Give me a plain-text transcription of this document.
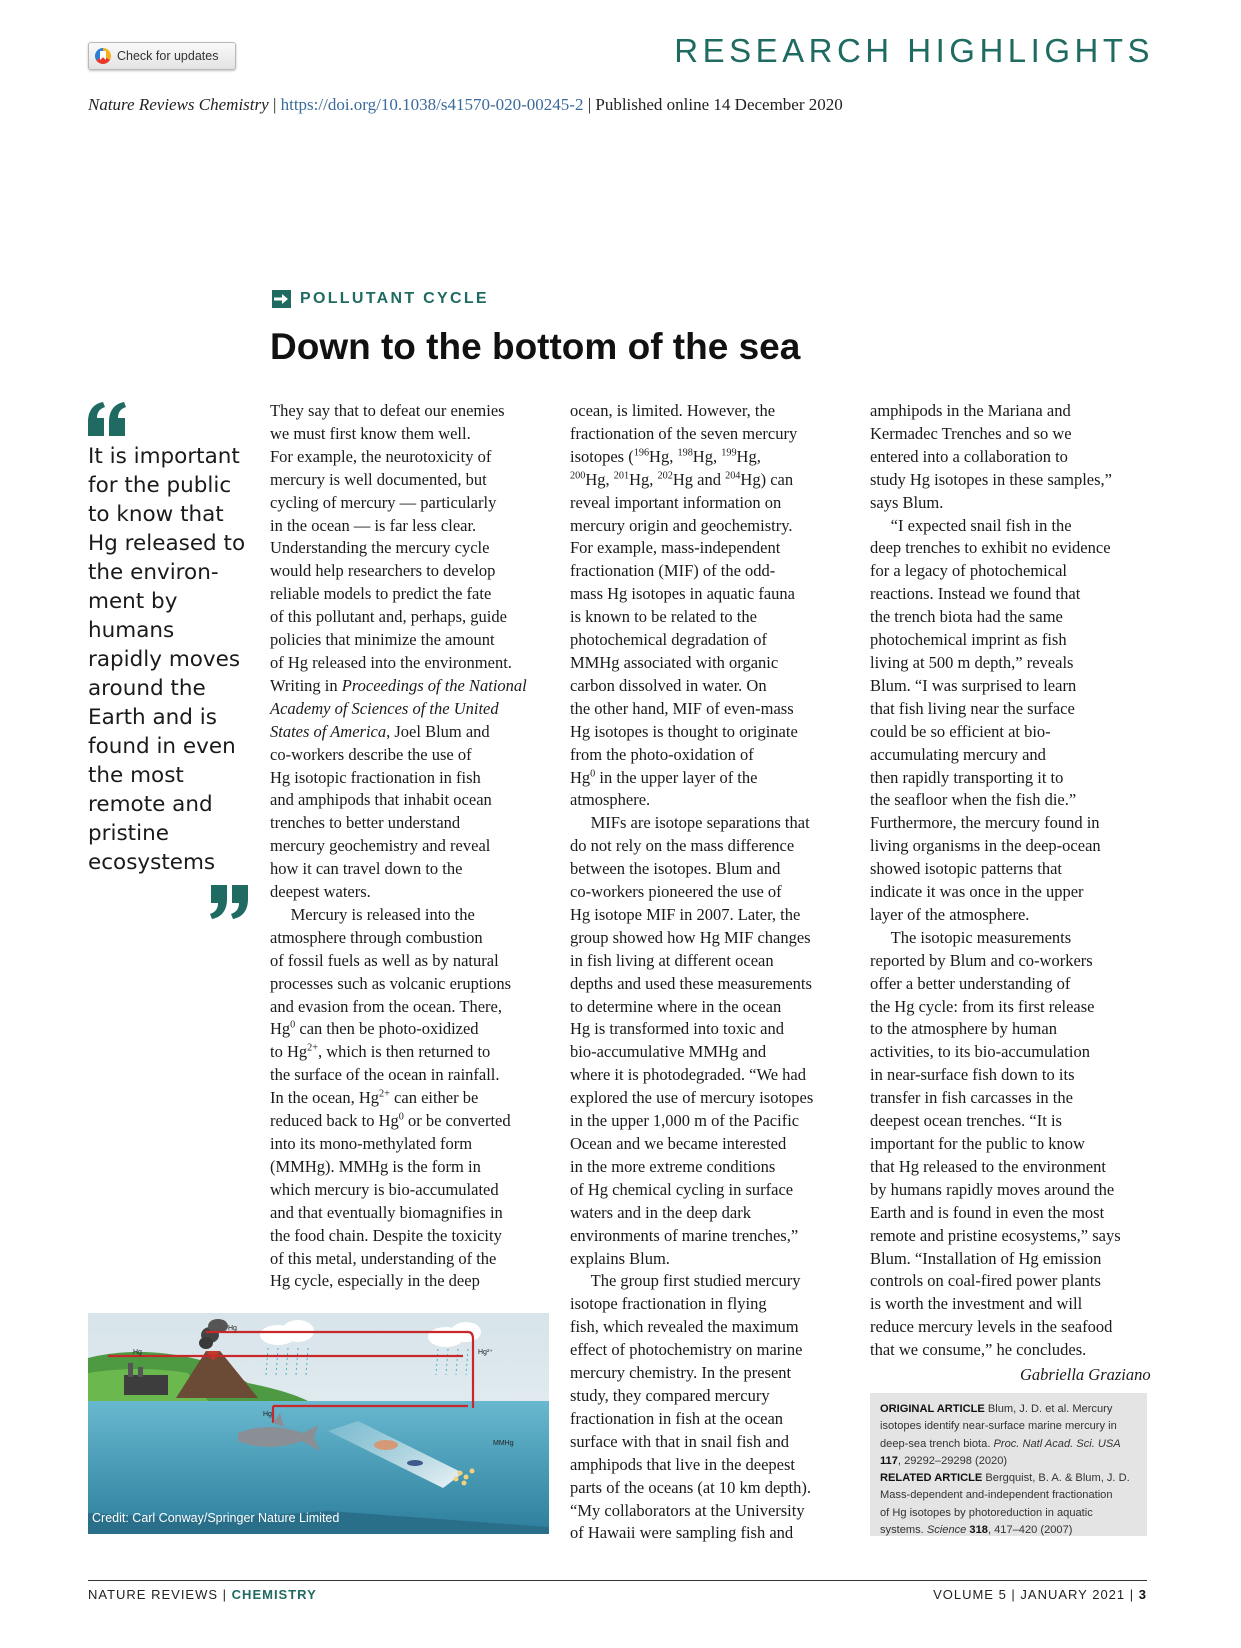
Check for updates	RESEARCH HIGHLIGHTS
Nature Reviews Chemistry | https://doi.org/10.1038/s41570-020-00245-2 | Published online 14 December 2020
POLLUTANT CYCLE
Down to the bottom of the sea
It is important for the public to know that Hg released to the environ-ment by humans rapidly moves around the Earth and is found in even the most remote and pristine ecosystems

They say that to defeat our enemies
we must first know them well.
For example, the neurotoxicity of
mercury is well documented, but
cycling of mercury — particularly
in the ocean — is far less clear.
Understanding the mercury cycle
would help researchers to develop
reliable models to predict the fate
of this pollutant and, perhaps, guide
policies that minimize the amount
of Hg released into the environment.
Writing in Proceedings of the National
Academy of Sciences of the United
States of America, Joel Blum and
co-workers describe the use of
Hg isotopic fractionation in fish
and amphipods that inhabit ocean
trenches to better understand
mercury geochemistry and reveal
how it can travel down to the
deepest waters.

Mercury is released into the
atmosphere through combustion
of fossil fuels as well as by natural
processes such as volcanic eruptions
and evasion from the ocean. There,
Hg$^0$ can then be photo-oxidized
to $Hg^{2+}$, which is then returned to
the surface of the ocean in rainfall.
In the ocean, $Hg^{2+}$ can either be
reduced back to Hg$^0$ or be converted
into its mono-methylated form
(MMHg). MMHg is the form in
which mercury is bio-accumulated
and that eventually biomagnifies in
the food chain. Despite the toxicity
of this metal, understanding of the
Hg cycle, especially in the deep

ocean, is limited. However, the
fractionation of the seven mercury
isotopes ($^{196}$Hg, $^{198}$Hg, $^{199}$Hg,
$^{200}$Hg, $^{201}$Hg, $^{202}$Hg and $^{204}$Hg) can
reveal important information on
mercury origin and geochemistry.
For example, mass-independent
fractionation (MIF) of the odd-
mass Hg isotopes in aquatic fauna
is known to be related to the
photochemical degradation of
MMHg associated with organic
carbon dissolved in water. On
the other hand, MIF of even-mass
Hg isotopes is thought to originate
from the photo-oxidation of
Hg$^0$ in the upper layer of the
atmosphere.

MIFs are isotope separations that
do not rely on the mass difference
between the isotopes. Blum and
co-workers pioneered the use of
Hg isotope MIF in 2007. Later, the
group showed how Hg MIF changes
in fish living at different ocean
depths and used these measurements
to determine where in the ocean
Hg is transformed into toxic and
bio-accumulative MMHg and
where it is photodegraded. “We had
explored the use of mercury isotopes
in the upper 1,000 m of the Pacific
Ocean and we became interested
in the more extreme conditions
of Hg chemical cycling in surface
waters and in the deep dark
environments of marine trenches,”
explains Blum.

The group first studied mercury
isotope fractionation in flying
fish, which revealed the maximum
effect of photochemistry on marine
mercury chemistry. In the present
study, they compared mercury
fractionation in fish at the ocean
surface with that in snail fish and
amphipods that live in the deepest
parts of the oceans (at 10 km depth).
“My collaborators at the University
of Hawaii were sampling fish and

amphipods in the Mariana and
Kermadec Trenches and so we
entered into a collaboration to
study Hg isotopes in these samples,”
says Blum.

“I expected snail fish in the
deep trenches to exhibit no evidence
for a legacy of photochemical
reactions. Instead we found that
the trench biota had the same
photochemical imprint as fish
living at 500 m depth,” reveals
Blum. “I was surprised to learn
that fish living near the surface
could be so efficient at bio-
accumulating mercury and
then rapidly transporting it to
the seafloor when the fish die.”
Furthermore, the mercury found in
living organisms in the deep-ocean
showed isotopic patterns that
indicate it was once in the upper
layer of the atmosphere.

The isotopic measurements
reported by Blum and co-workers
offer a better understanding of
the Hg cycle: from its first release
to the atmosphere by human
activities, to its bio-accumulation
in near-surface fish down to its
transfer in fish carcasses in the
deepest ocean trenches. “It is
important for the public to know
that Hg released to the environment
by humans rapidly moves around the
Earth and is found in even the most
remote and pristine ecosystems,” says
Blum. “Installation of Hg emission
controls on coal-fired power plants
is worth the investment and will
reduce mercury levels in the seafood
that we consume,” he concludes.

Gabriella Graziano
ORIGINAL ARTICLE Blum, J. D. et al. Mercury
isotopes identify near-surface marine mercury in
deep-sea trench biota. Proc. Natl Acad. Sci. USA
117, 29292–29298 (2020)
RELATED ARTICLE Bergquist, B. A. & Blum, J. D.
Mass-dependent and-independent fractionation
of Hg isotopes by photoreduction in aquatic
systems. Science 318, 417–420 (2007)
Hg
Hg	Hg²⁺
Hg
MMHg
Credit: Carl Conway/Springer Nature Limited
NATURE REVIEWS | CHEMISTRY	VOLUME 5 | JANUARY 2021 | 3
